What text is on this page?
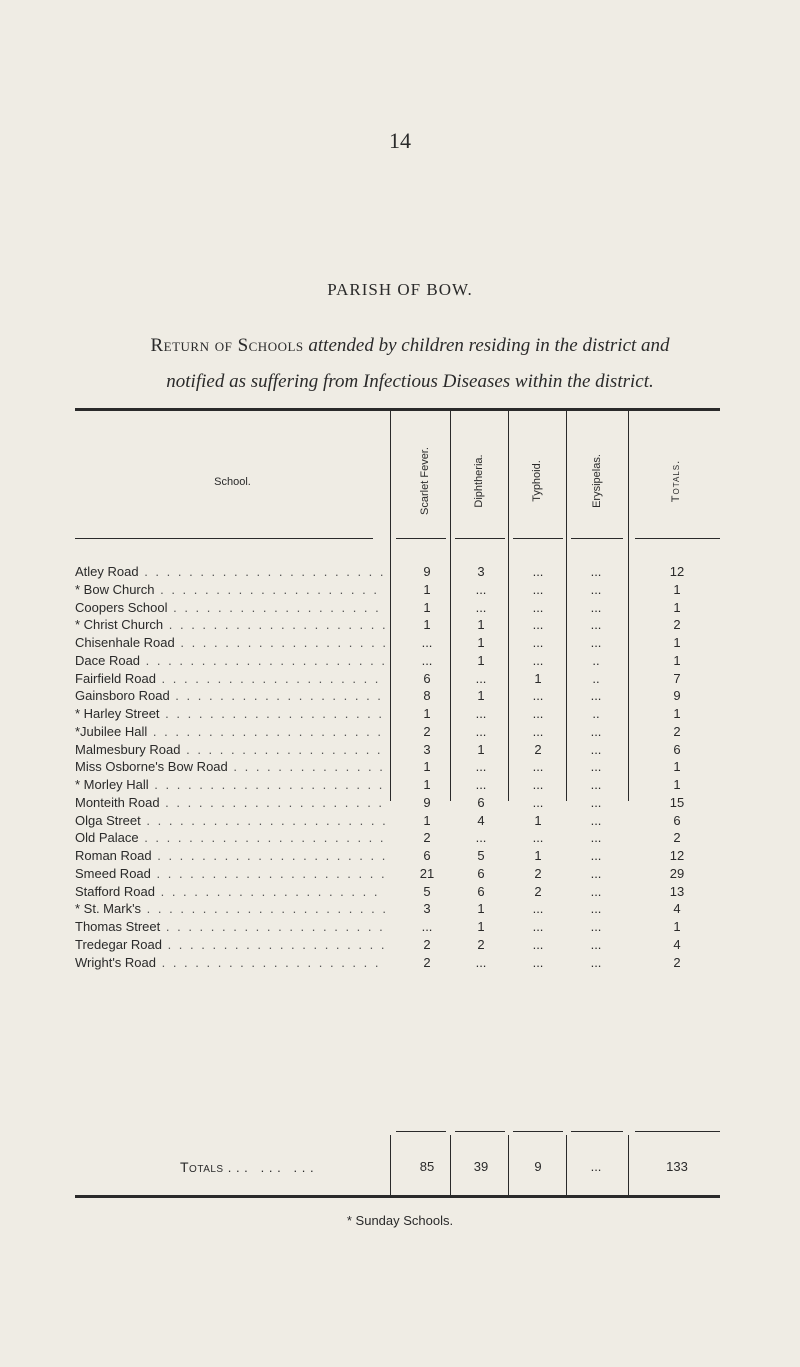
14
PARISH OF BOW.
Return of Schools attended by children residing in the district and
notified as suffering from Infectious Diseases within the district.
School.	Scarlet Fever.	Diphtheria.	Typhoid.	Erysipelas.	Totals.
Atley Road . . .	9	3	...	...	12
* Bow Church . . .	1	...	...	...	1
Coopers School . . .	1	...	...	...	1
* Christ Church . . .	1	1	...	...	2
Chisenhale Road . . .	...	1	...	...	1
Dace Road . . .	...	1	...	..	1
Fairfield Road . . .	6	...	1	..	7
Gainsboro Road . . .	8	1	...	...	9
* Harley Street . . .	1	...	...	..	1
*Jubilee Hall . . .	2	...	...	...	2
Malmesbury Road . . .	3	1	2	...	6
Miss Osborne's Bow Road . . .	1	...	...	...	1
* Morley Hall . . .	1	...	...	...	1
Monteith Road . . .	9	6	...	...	15
Olga Street . . .	1	4	1	...	6
Old Palace . . .	2	...	...	...	2
Roman Road . . .	6	5	1	...	12
Smeed Road . . .	21	6	2	...	29
Stafford Road . . .	5	6	2	...	13
* St. Mark's . . .	3	1	...	...	4
Thomas Street . . .	...	1	...	...	1
Tredegar Road . . .	2	2	...	...	4
Wright's Road . . .	2	...	...	...	2
Totals . . .   . . .   . . .	85	39	9	...	133
* Sunday Schools.
